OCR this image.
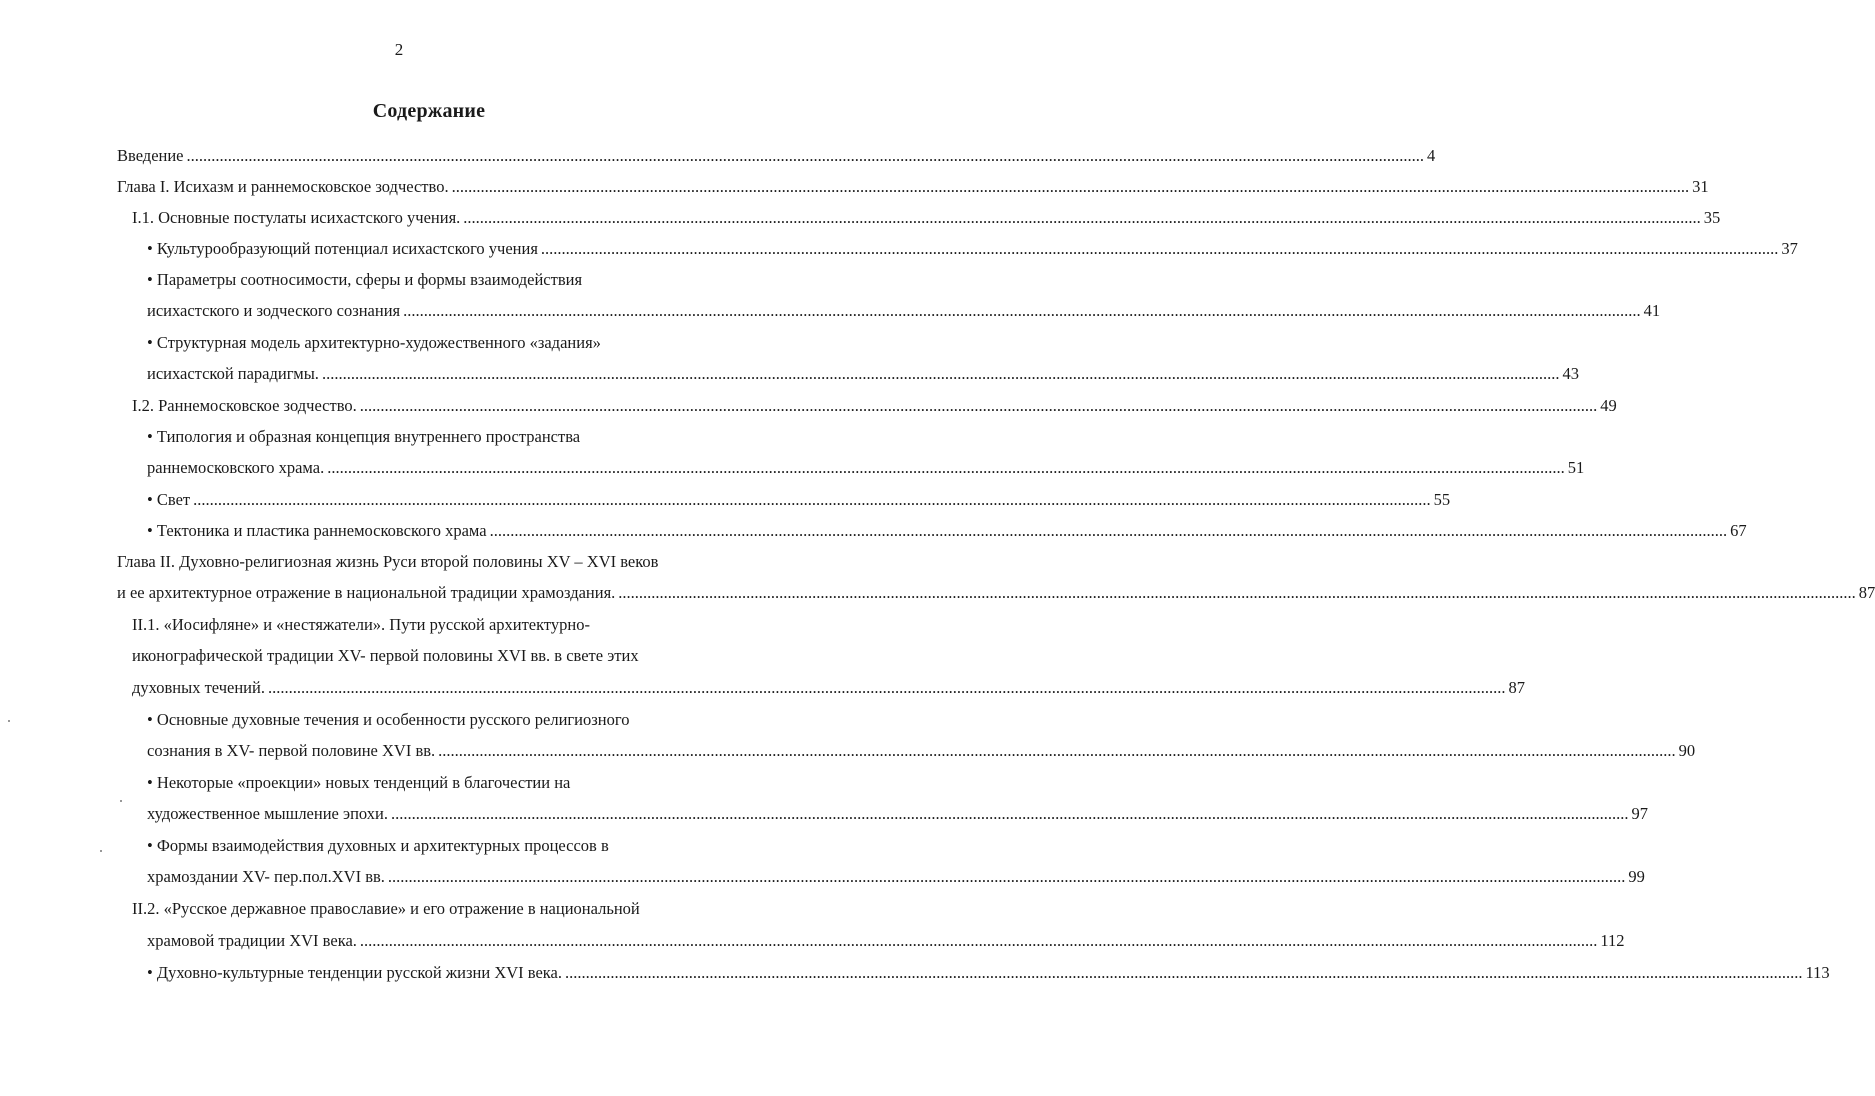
2
Содержание
Введение ............................................................................................................................................................................................................................................................................................................ 4
Глава I. Исихазм и раннемосковское зодчество. ............................................................................................................................................................................................................................................................................................................ 31
I.1. Основные постулаты исихастского учения. ............................................................................................................................................................................................................................................................................................................ 35
• Культурообразующий потенциал исихастского учения ............................................................................................................................................................................................................................................................................................................ 37
• Параметры соотносимости, сферы и формы взаимодействия
исихастского и зодческого сознания ............................................................................................................................................................................................................................................................................................................ 41
• Структурная модель архитектурно-художественного «задания»
исихастской парадигмы. ............................................................................................................................................................................................................................................................................................................ 43
I.2. Раннемосковское зодчество. ............................................................................................................................................................................................................................................................................................................ 49
• Типология и образная концепция внутреннего пространства
раннемосковского храма. ............................................................................................................................................................................................................................................................................................................ 51
• Свет ............................................................................................................................................................................................................................................................................................................ 55
• Тектоника и пластика раннемосковского храма ............................................................................................................................................................................................................................................................................................................ 67
Глава II. Духовно-религиозная жизнь Руси второй половины XV – XVI веков
и ее архитектурное отражение в национальной традиции храмоздания. ............................................................................................................................................................................................................................................................................................................ 87
II.1. «Иосифляне» и «нестяжатели». Пути русской архитектурно-
иконографической традиции XV- первой половины XVI вв. в свете этих
духовных течений. ............................................................................................................................................................................................................................................................................................................ 87
• Основные духовные течения и особенности русского религиозного
сознания в XV- первой половине XVI вв. ............................................................................................................................................................................................................................................................................................................ 90
• Некоторые «проекции» новых тенденций в благочестии на
художественное мышление эпохи. ............................................................................................................................................................................................................................................................................................................ 97
• Формы взаимодействия духовных и архитектурных процессов в
храмоздании XV- пер.пол.XVI вв. ............................................................................................................................................................................................................................................................................................................ 99
II.2. «Русское державное православие» и его отражение в национальной
храмовой традиции XVI века. ............................................................................................................................................................................................................................................................................................................ 112
• Духовно-культурные тенденции русской жизни XVI века. ............................................................................................................................................................................................................................................................................................................ 113
